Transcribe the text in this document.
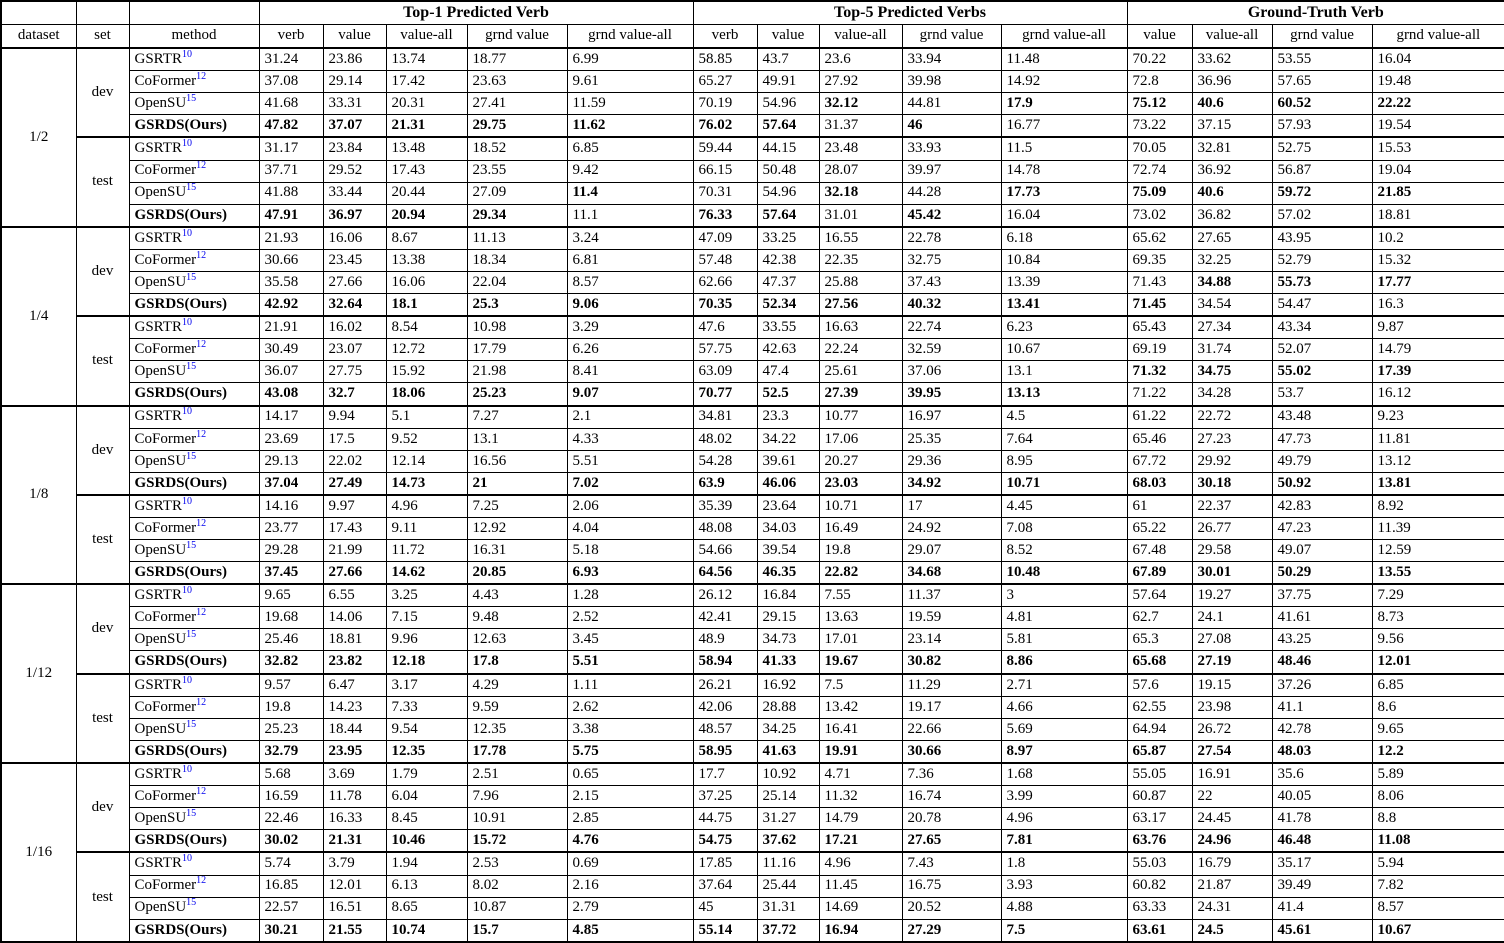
			Top-1 Predicted Verb					Top-5 Predicted Verbs					Ground-Truth Verb			
dataset	set	method	verb	value	value-all	grnd value	grnd value-all	verb	value	value-all	grnd value	grnd value-all	value	value-all	grnd value	grnd value-all
1/2	dev	GSRTR$^{10}$	31.24	23.86	13.74	18.77	6.99	58.85	43.7	23.6	33.94	11.48	70.22	33.62	53.55	16.04
		CoFormer$^{12}$	37.08	29.14	17.42	23.63	9.61	65.27	49.91	27.92	39.98	14.92	72.8	36.96	57.65	19.48
		OpenSU$^{15}$	41.68	33.31	20.31	27.41	11.59	70.19	54.96	32.12	44.81	17.9	75.12	40.6	60.52	22.22
		GSRDS(Ours)	47.82	37.07	21.31	29.75	11.62	76.02	57.64	31.37	46	16.77	73.22	37.15	57.93	19.54
	test	GSRTR$^{10}$	31.17	23.84	13.48	18.52	6.85	59.44	44.15	23.48	33.93	11.5	70.05	32.81	52.75	15.53
		CoFormer$^{12}$	37.71	29.52	17.43	23.55	9.42	66.15	50.48	28.07	39.97	14.78	72.74	36.92	56.87	19.04
		OpenSU$^{15}$	41.88	33.44	20.44	27.09	11.4	70.31	54.96	32.18	44.28	17.73	75.09	40.6	59.72	21.85
		GSRDS(Ours)	47.91	36.97	20.94	29.34	11.1	76.33	57.64	31.01	45.42	16.04	73.02	36.82	57.02	18.81
1/4	dev	GSRTR$^{10}$	21.93	16.06	8.67	11.13	3.24	47.09	33.25	16.55	22.78	6.18	65.62	27.65	43.95	10.2
		CoFormer$^{12}$	30.66	23.45	13.38	18.34	6.81	57.48	42.38	22.35	32.75	10.84	69.35	32.25	52.79	15.32
		OpenSU$^{15}$	35.58	27.66	16.06	22.04	8.57	62.66	47.37	25.88	37.43	13.39	71.43	34.88	55.73	17.77
		GSRDS(Ours)	42.92	32.64	18.1	25.3	9.06	70.35	52.34	27.56	40.32	13.41	71.45	34.54	54.47	16.3
	test	GSRTR$^{10}$	21.91	16.02	8.54	10.98	3.29	47.6	33.55	16.63	22.74	6.23	65.43	27.34	43.34	9.87
		CoFormer$^{12}$	30.49	23.07	12.72	17.79	6.26	57.75	42.63	22.24	32.59	10.67	69.19	31.74	52.07	14.79
		OpenSU$^{15}$	36.07	27.75	15.92	21.98	8.41	63.09	47.4	25.61	37.06	13.1	71.32	34.75	55.02	17.39
		GSRDS(Ours)	43.08	32.7	18.06	25.23	9.07	70.77	52.5	27.39	39.95	13.13	71.22	34.28	53.7	16.12
1/8	dev	GSRTR$^{10}$	14.17	9.94	5.1	7.27	2.1	34.81	23.3	10.77	16.97	4.5	61.22	22.72	43.48	9.23
		CoFormer$^{12}$	23.69	17.5	9.52	13.1	4.33	48.02	34.22	17.06	25.35	7.64	65.46	27.23	47.73	11.81
		OpenSU$^{15}$	29.13	22.02	12.14	16.56	5.51	54.28	39.61	20.27	29.36	8.95	67.72	29.92	49.79	13.12
		GSRDS(Ours)	37.04	27.49	14.73	21	7.02	63.9	46.06	23.03	34.92	10.71	68.03	30.18	50.92	13.81
	test	GSRTR$^{10}$	14.16	9.97	4.96	7.25	2.06	35.39	23.64	10.71	17	4.45	61	22.37	42.83	8.92
		CoFormer$^{12}$	23.77	17.43	9.11	12.92	4.04	48.08	34.03	16.49	24.92	7.08	65.22	26.77	47.23	11.39
		OpenSU$^{15}$	29.28	21.99	11.72	16.31	5.18	54.66	39.54	19.8	29.07	8.52	67.48	29.58	49.07	12.59
		GSRDS(Ours)	37.45	27.66	14.62	20.85	6.93	64.56	46.35	22.82	34.68	10.48	67.89	30.01	50.29	13.55
1/12	dev	GSRTR$^{10}$	9.65	6.55	3.25	4.43	1.28	26.12	16.84	7.55	11.37	3	57.64	19.27	37.75	7.29
		CoFormer$^{12}$	19.68	14.06	7.15	9.48	2.52	42.41	29.15	13.63	19.59	4.81	62.7	24.1	41.61	8.73
		OpenSU$^{15}$	25.46	18.81	9.96	12.63	3.45	48.9	34.73	17.01	23.14	5.81	65.3	27.08	43.25	9.56
		GSRDS(Ours)	32.82	23.82	12.18	17.8	5.51	58.94	41.33	19.67	30.82	8.86	65.68	27.19	48.46	12.01
	test	GSRTR$^{10}$	9.57	6.47	3.17	4.29	1.11	26.21	16.92	7.5	11.29	2.71	57.6	19.15	37.26	6.85
		CoFormer$^{12}$	19.8	14.23	7.33	9.59	2.62	42.06	28.88	13.42	19.17	4.66	62.55	23.98	41.1	8.6
		OpenSU$^{15}$	25.23	18.44	9.54	12.35	3.38	48.57	34.25	16.41	22.66	5.69	64.94	26.72	42.78	9.65
		GSRDS(Ours)	32.79	23.95	12.35	17.78	5.75	58.95	41.63	19.91	30.66	8.97	65.87	27.54	48.03	12.2
1/16	dev	GSRTR$^{10}$	5.68	3.69	1.79	2.51	0.65	17.7	10.92	4.71	7.36	1.68	55.05	16.91	35.6	5.89
		CoFormer$^{12}$	16.59	11.78	6.04	7.96	2.15	37.25	25.14	11.32	16.74	3.99	60.87	22	40.05	8.06
		OpenSU$^{15}$	22.46	16.33	8.45	10.91	2.85	44.75	31.27	14.79	20.78	4.96	63.17	24.45	41.78	8.8
		GSRDS(Ours)	30.02	21.31	10.46	15.72	4.76	54.75	37.62	17.21	27.65	7.81	63.76	24.96	46.48	11.08
	test	GSRTR$^{10}$	5.74	3.79	1.94	2.53	0.69	17.85	11.16	4.96	7.43	1.8	55.03	16.79	35.17	5.94
		CoFormer$^{12}$	16.85	12.01	6.13	8.02	2.16	37.64	25.44	11.45	16.75	3.93	60.82	21.87	39.49	7.82
		OpenSU$^{15}$	22.57	16.51	8.65	10.87	2.79	45	31.31	14.69	20.52	4.88	63.33	24.31	41.4	8.57
		GSRDS(Ours)	30.21	21.55	10.74	15.7	4.85	55.14	37.72	16.94	27.29	7.5	63.61	24.5	45.61	10.67
